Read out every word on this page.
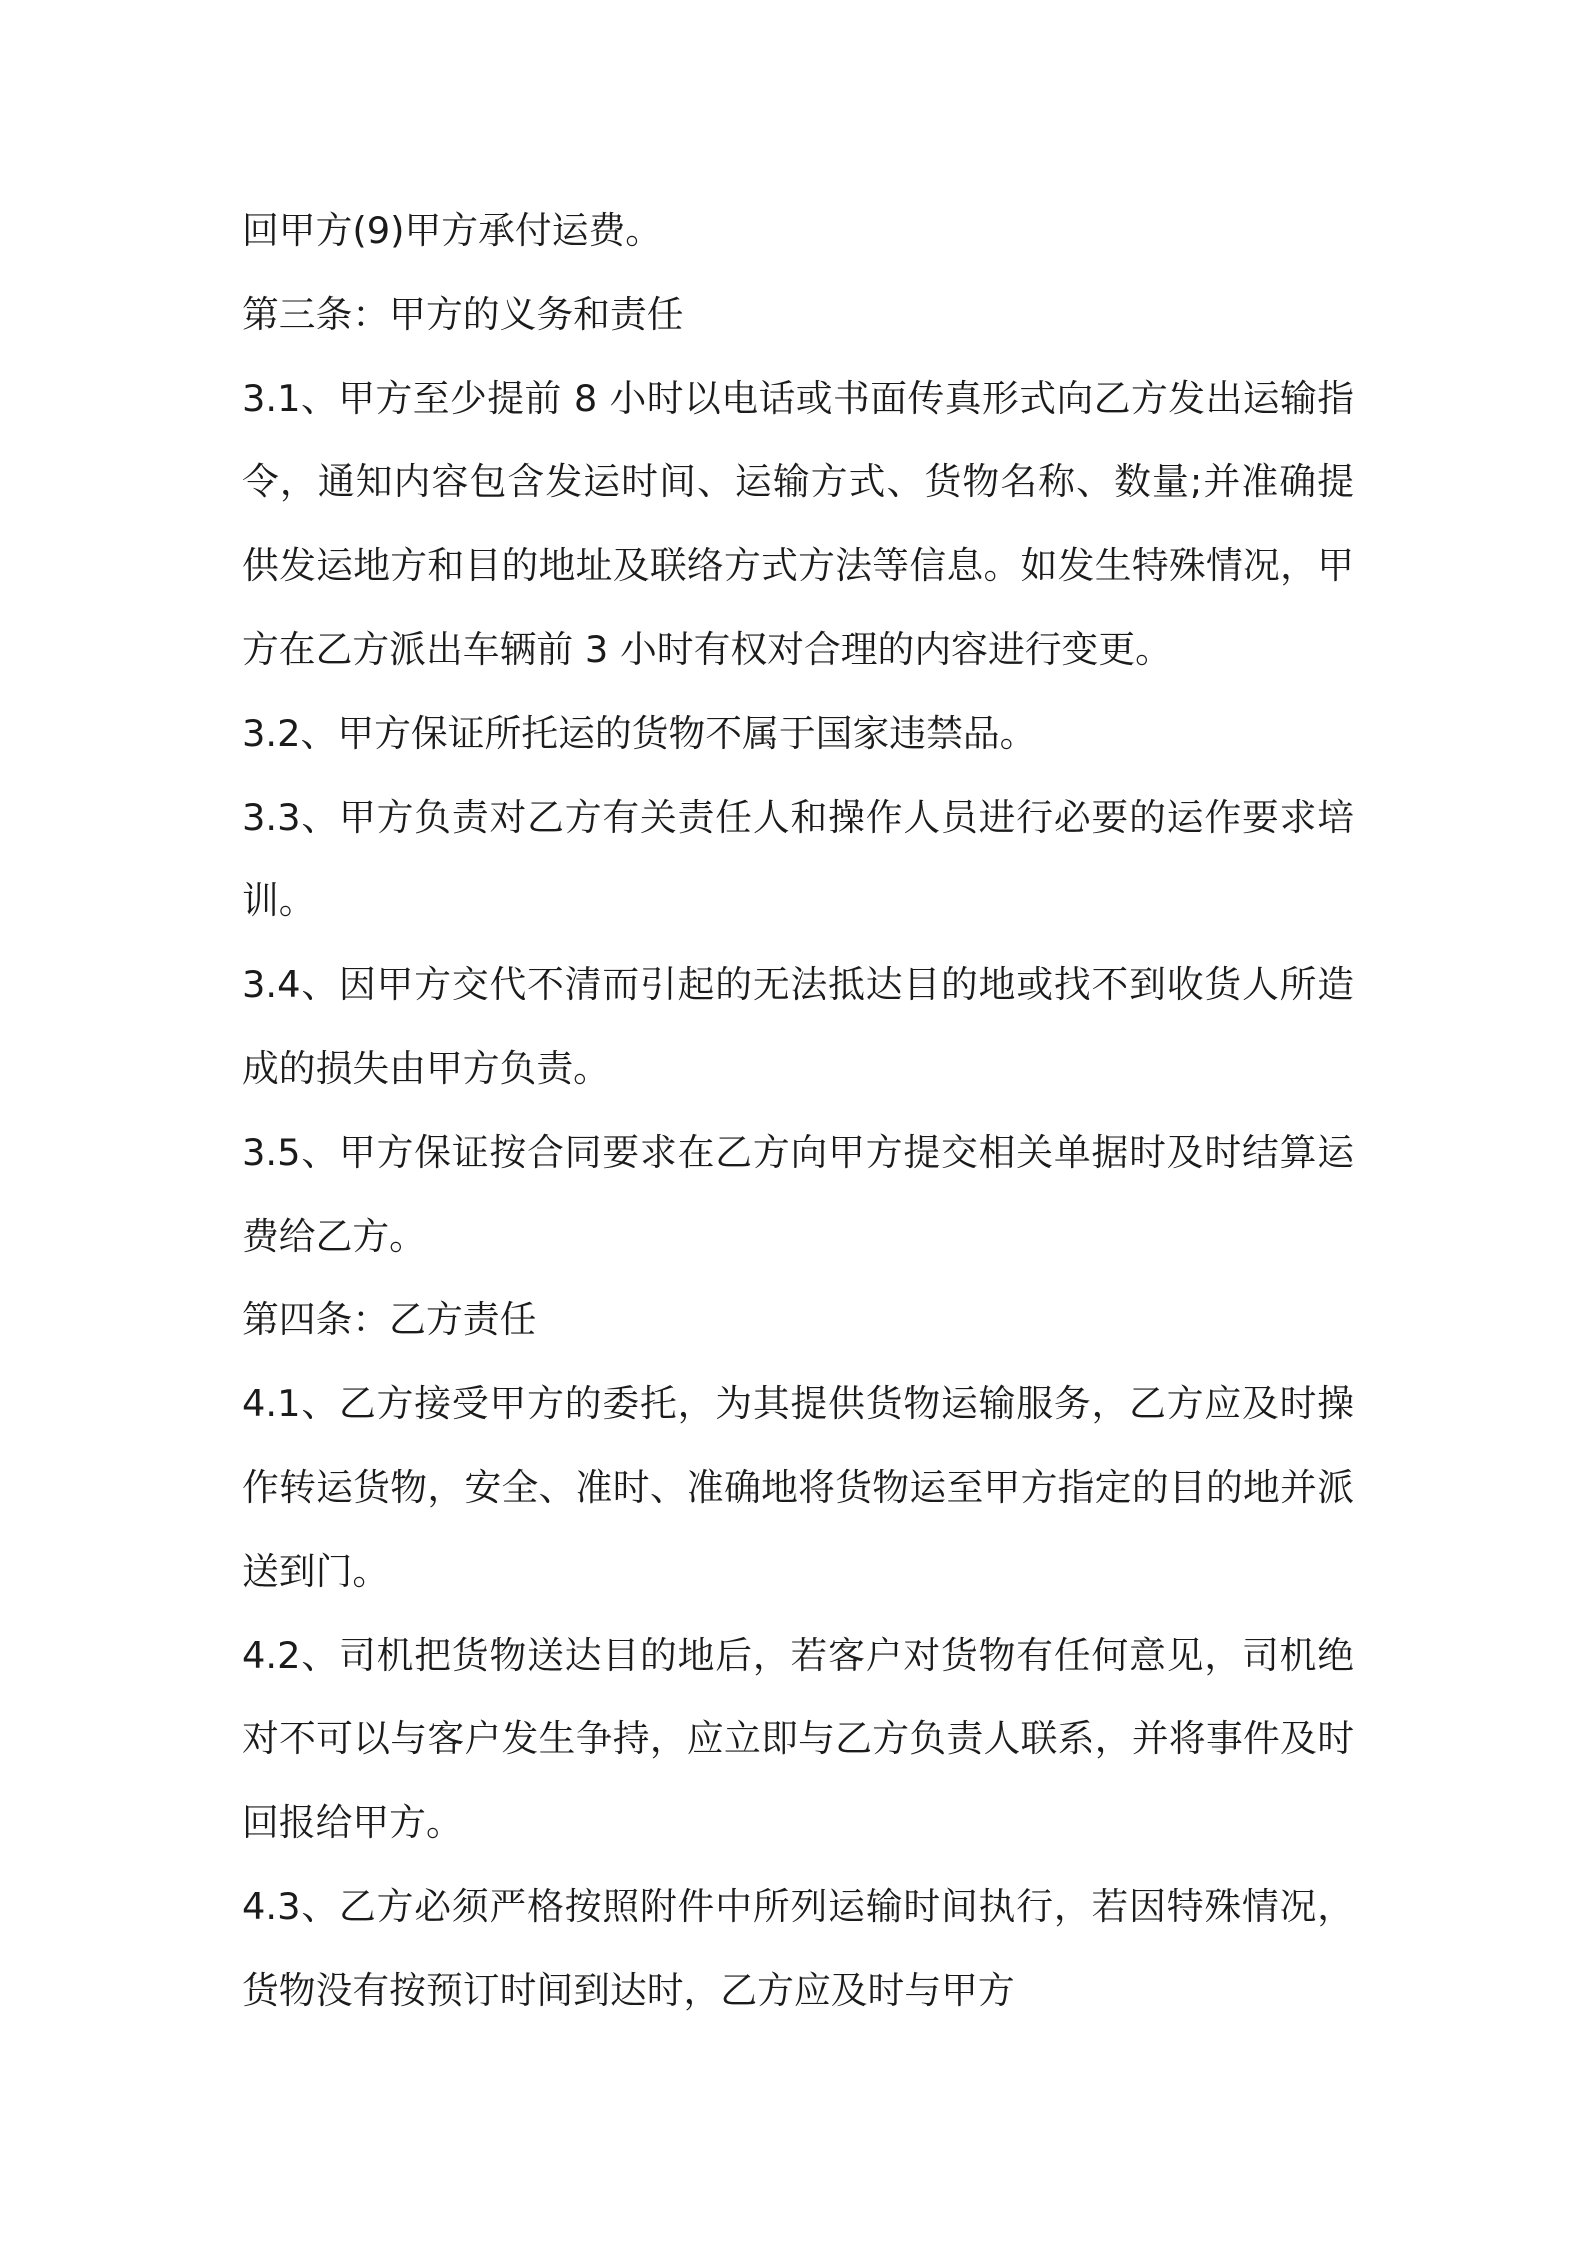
回甲方(9)甲方承付运费。
第三条：甲方的义务和责任
3.1、甲方至少提前 8 小时以电话或书面传真形式向乙方发出运输指
令，通知内容包含发运时间、运输方式、货物名称、数量;并准确提
供发运地方和目的地址及联络方式方法等信息。如发生特殊情况，甲
方在乙方派出车辆前 3 小时有权对合理的内容进行变更。
3.2、甲方保证所托运的货物不属于国家违禁品。
3.3、甲方负责对乙方有关责任人和操作人员进行必要的运作要求培
训。
3.4、因甲方交代不清而引起的无法抵达目的地或找不到收货人所造
成的损失由甲方负责。
3.5、甲方保证按合同要求在乙方向甲方提交相关单据时及时结算运
费给乙方。
第四条：乙方责任
4.1、乙方接受甲方的委托，为其提供货物运输服务，乙方应及时操
作转运货物，安全、准时、准确地将货物运至甲方指定的目的地并派
送到门。
4.2、司机把货物送达目的地后，若客户对货物有任何意见，司机绝
对不可以与客户发生争持，应立即与乙方负责人联系，并将事件及时
回报给甲方。
4.3、乙方必须严格按照附件中所列运输时间执行，若因特殊情况，
货物没有按预订时间到达时，乙方应及时与甲方
